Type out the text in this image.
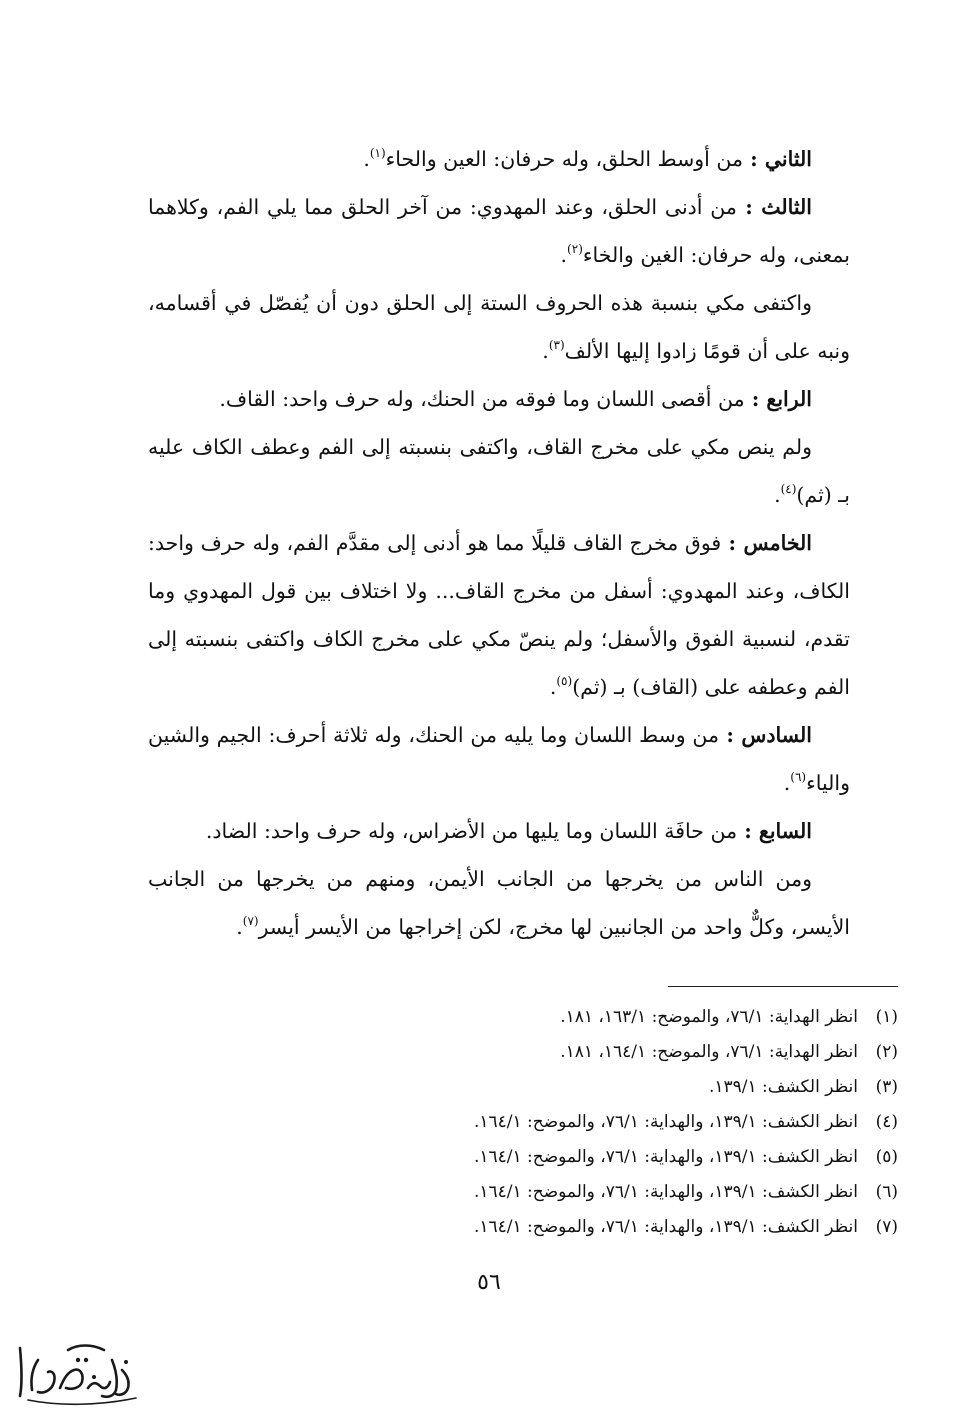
الثاني : من أوسط الحلق، وله حرفان: العين والحاء$^{(١)}$.

الثالث : من أدنى الحلق، وعند المهدوي: من آخر الحلق مما يلي الفم، وكلاهما بمعنى، وله حرفان: الغين والخاء$^{(٢)}$.

واكتفى مكي بنسبة هذه الحروف الستة إلى الحلق دون أن يُفصّل في أقسامه، ونبه على أن قومًا زادوا إليها الألف$^{(٣)}$.

الرابع : من أقصى اللسان وما فوقه من الحنك، وله حرف واحد: القاف.

ولم ينص مكي على مخرج القاف، واكتفى بنسبته إلى الفم وعطف الكاف عليه بـ (ثم)$^{(٤)}$.

الخامس : فوق مخرج القاف قليلًا مما هو أدنى إلى مقدَّم الفم، وله حرف واحد: الكاف، وعند المهدوي: أسفل من مخرج القاف... ولا اختلاف بين قول المهدوي وما تقدم، لنسبية الفوق والأسفل؛ ولم ينصّ مكي على مخرج الكاف واكتفى بنسبته إلى الفم وعطفه على (القاف) بـ (ثم)$^{(٥)}$.

السادس : من وسط اللسان وما يليه من الحنك، وله ثلاثة أحرف: الجيم والشين والياء$^{(٦)}$.

السابع : من حافَة اللسان وما يليها من الأضراس، وله حرف واحد: الضاد.

ومن الناس من يخرجها من الجانب الأيمن، ومنهم من يخرجها من الجانب الأيسر، وكلٌّ واحد من الجانبين لها مخرج، لكن إخراجها من الأيسر أيسر$^{(٧)}$.

(١)
انظر الهداية: ٧٦/١، والموضح: ١٦٣/١، ١٨١.
(٢)
انظر الهداية: ٧٦/١، والموضح: ١٦٤/١، ١٨١.
(٣)
انظر الكشف: ١٣٩/١.
(٤)
انظر الكشف: ١٣٩/١، والهداية: ٧٦/١، والموضح: ١٦٤/١.
(٥)
انظر الكشف: ١٣٩/١، والهداية: ٧٦/١، والموضح: ١٦٤/١.
(٦)
انظر الكشف: ١٣٩/١، والهداية: ٧٦/١، والموضح: ١٦٤/١.
(٧)
انظر الكشف: ١٣٩/١، والهداية: ٧٦/١، والموضح: ١٦٤/١.
٥٦
